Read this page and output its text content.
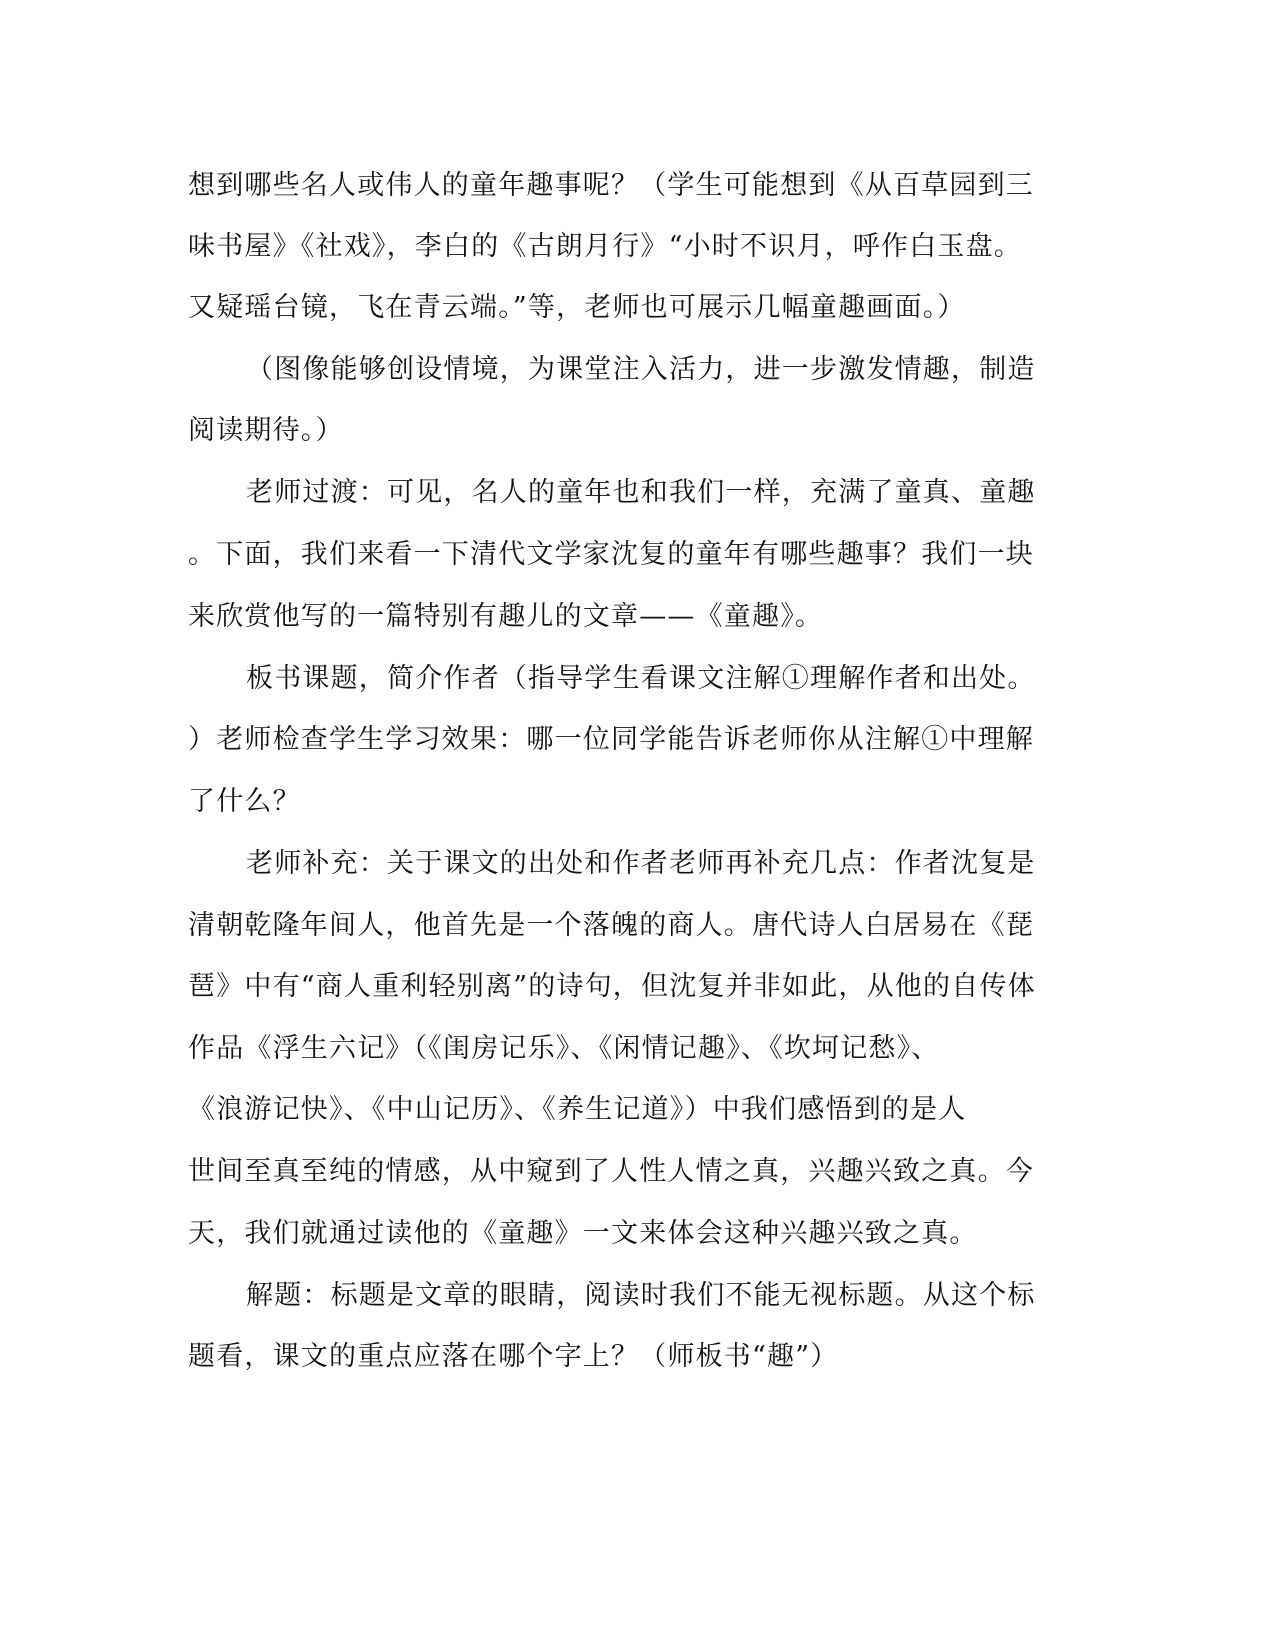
想到哪些名人或伟人的童年趣事呢？（学生可能想到《从百草园到三
味书屋》《社戏》，李白的《古朗月行》“小时不识月，呼作白玉盘。
又疑瑶台镜，飞在青云端。”等，老师也可展示几幅童趣画面。）
（图像能够创设情境，为课堂注入活力，进一步激发情趣，制造
阅读期待。）
老师过渡：可见，名人的童年也和我们一样，充满了童真、童趣
。下面，我们来看一下清代文学家沈复的童年有哪些趣事？我们一块
来欣赏他写的一篇特别有趣儿的文章——《童趣》。
板书课题，简介作者（指导学生看课文注解①理解作者和出处。
）老师检查学生学习效果：哪一位同学能告诉老师你从注解①中理解
了什么？
老师补充：关于课文的出处和作者老师再补充几点：作者沈复是
清朝乾隆年间人，他首先是一个落魄的商人。唐代诗人白居易在《琵
琶》中有“商人重利轻别离”的诗句，但沈复并非如此，从他的自传体
作品《浮生六记》（《闺房记乐》、《闲情记趣》、《坎坷记愁》、
《浪游记快》、《中山记历》、《养生记道》）中我们感悟到的是人
世间至真至纯的情感，从中窥到了人性人情之真，兴趣兴致之真。今
天，我们就通过读他的《童趣》一文来体会这种兴趣兴致之真。
解题：标题是文章的眼睛，阅读时我们不能无视标题。从这个标
题看，课文的重点应落在哪个字上？（师板书“趣”）
